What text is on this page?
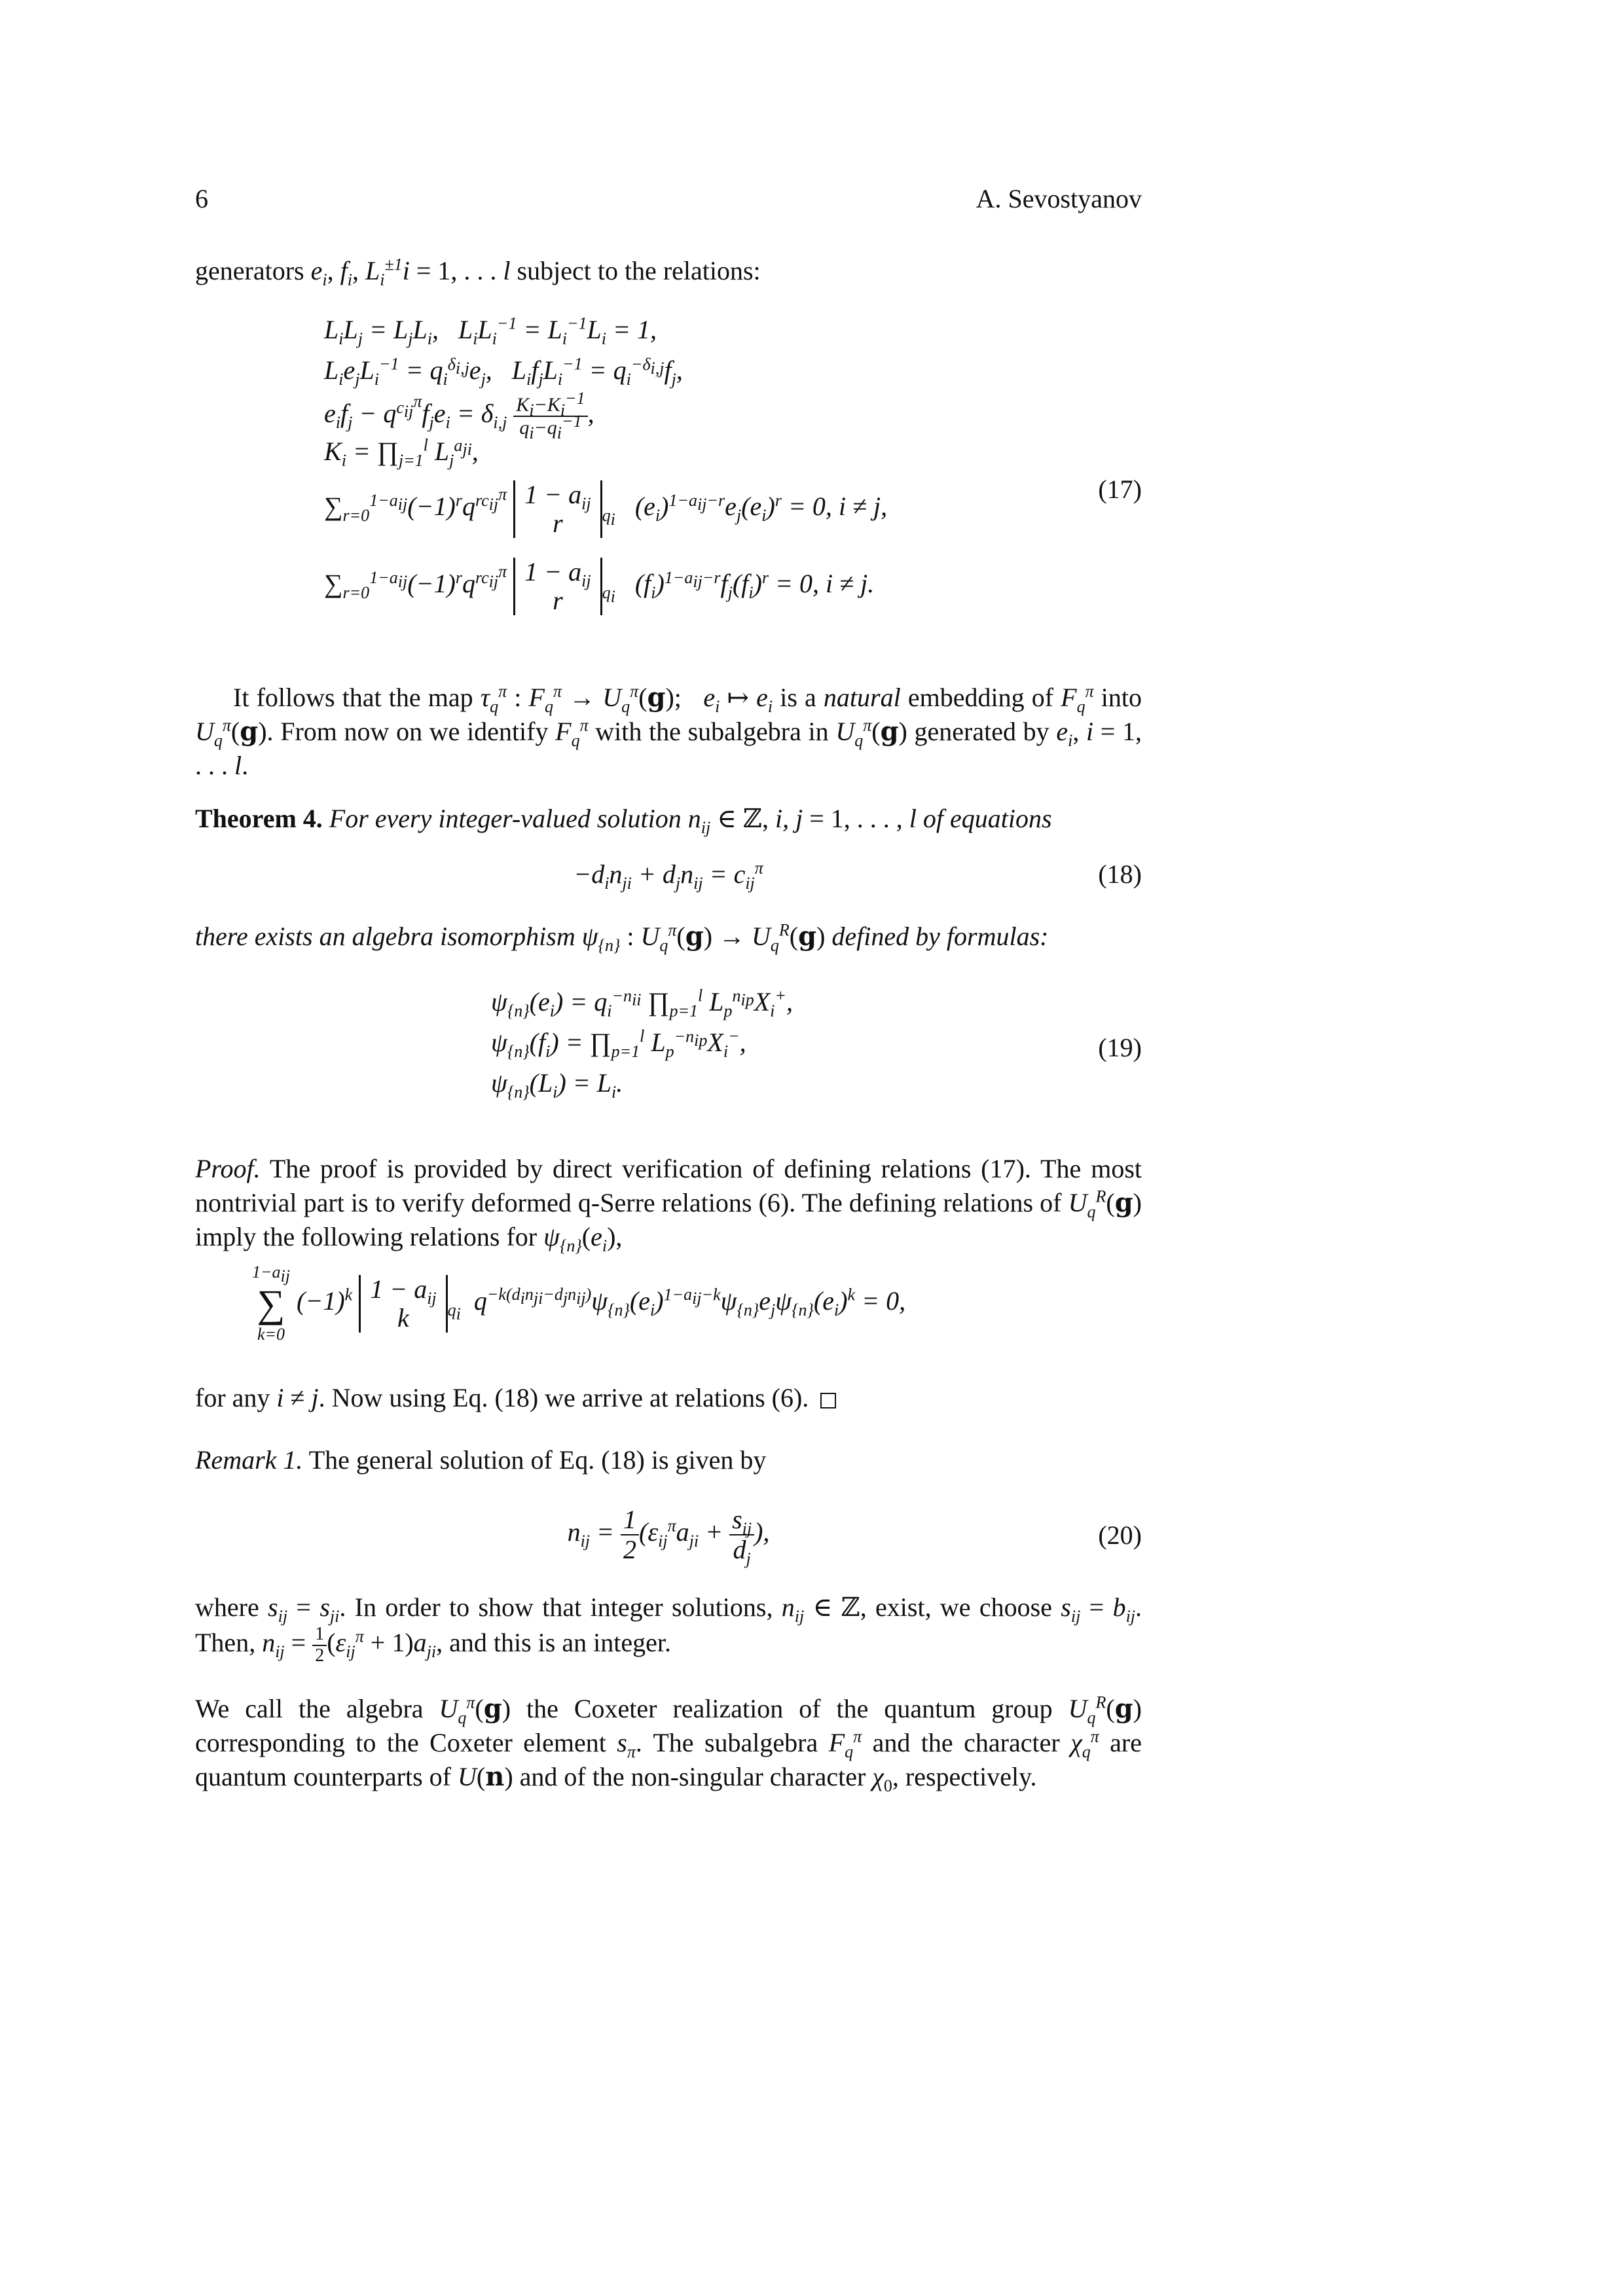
6	A. Sevostyanov
generators $e_i$, $f_i$, $L_i^{\pm 1}i = 1$, . . . l subject to the relations:
$L_iL_j = L_jL_i$,   $L_iL_i^{-1} = L_i^{-1}L_i = 1$,
$L_ie_jL_i^{-1} = q_i^{\delta_{i,j}}e_j$,   $L_if_jL_i^{-1} = q_i^{-\delta_{i,j}}f_j$,
$e_if_j - q^{c_{ij}^\pi}f_je_i = \delta_{i,j} \frac{K_i-K_i^{-1}}{q_i-q_i^{-1}}$ ,
$K_i$ = $\prod_{j=1}^l$ $L_j^{a_{ji}}$,
$\sum_{r=0}^{1-a_{ij}}(-1)^rq^{rc_{ij}^\pi}$ $1 - a_{ij}$
r	$_{q_i}$   $(e_i)^{1-a_{ij}-r}e_j(e_i)^r = 0$, i ≠ j,
$\sum_{r=0}^{1-a_{ij}}(-1)^rq^{rc_{ij}^\pi}$ $1 - a_{ij}$
r	$_{q_i}$   $(f_i)^{1-a_{ij}-r}f_j(f_i)^r = 0$, i ≠ j.
(17)
It follows that the map $\tau_q^\pi$ : $F_q^\pi \to U_q^\pi(g)$;   $e_i$ ↦ $e_i$ is a natural embedding of $F_q^\pi$ into $U_q^\pi(g)$. From now on we identify $F_q^\pi$ with the subalgebra in $U_q^\pi(g)$ generated by $e_i$, i = 1, . . . l.
Theorem 4. For every integer-valued solution $n_{ij}$ ∈ ℤ, i, j = 1, . . . , l of equations
$-d_in_{ji} + d_jn_{ij} = c_{ij}^\pi$	(18)
there exists an algebra isomorphism $\psi_{\{n\}}$ : $U_q^\pi(g) \to U_q^R(g)$ defined by formulas:
$\psi_{\{n\}}(e_i) = q_i^{-n_{ii}}$ $\prod_{p=1}^l$ $L_p^{n_{ip}}X_i^+$,
$\psi_{\{n\}}(f_i)$ = $\prod_{p=1}^l$ $L_p^{-n_{ip}}X_i^-$,
$\psi_{\{n\}}(L_i) = L_i$.
(19)
Proof. The proof is provided by direct verification of defining relations (17). The most nontrivial part is to verify deformed q-Serre relations (6). The defining relations of $U_q^R(g)$ imply the following relations for $\psi_{\{n\}}(e_i)$,
$1-a_{ij}$
∑
k=0
$(-1)^k$ $1 - a_{ij}$
k	$_{q_i}$ $q^{-k(d_in_{ji}-d_jn_{ij})}\psi_{\{n\}}(e_i)^{1-a_{ij}-k}\psi_{\{n\}}e_j\psi_{\{n\}}(e_i)^k = 0$,
for any i ≠ j. Now using Eq. (18) we arrive at relations (6).
Remark 1. The general solution of Eq. (18) is given by
$n_{ij} = \frac{1}{2} (\varepsilon_{ij}^\pi a_{ji} + \frac{s_{ij}}{d_j}$ ),	(20)
where $s_{ij} = s_{ji}$. In order to show that integer solutions, $n_{ij}$ ∈ ℤ, exist, we choose $s_{ij} = b_{ij}$. Then, $n_{ij} = \frac{1}{2} (\varepsilon_{ij}^\pi + 1)a_{ji}$, and this is an integer.
We call the algebra $U_q^\pi(g)$ the Coxeter realization of the quantum group $U_q^R(g)$ corresponding to the Coxeter element $s_\pi$. The subalgebra $F_q^\pi$ and the character $\chi_q^\pi$ are quantum counterparts of U(n) and of the non-singular character $\chi_0$, respectively.
